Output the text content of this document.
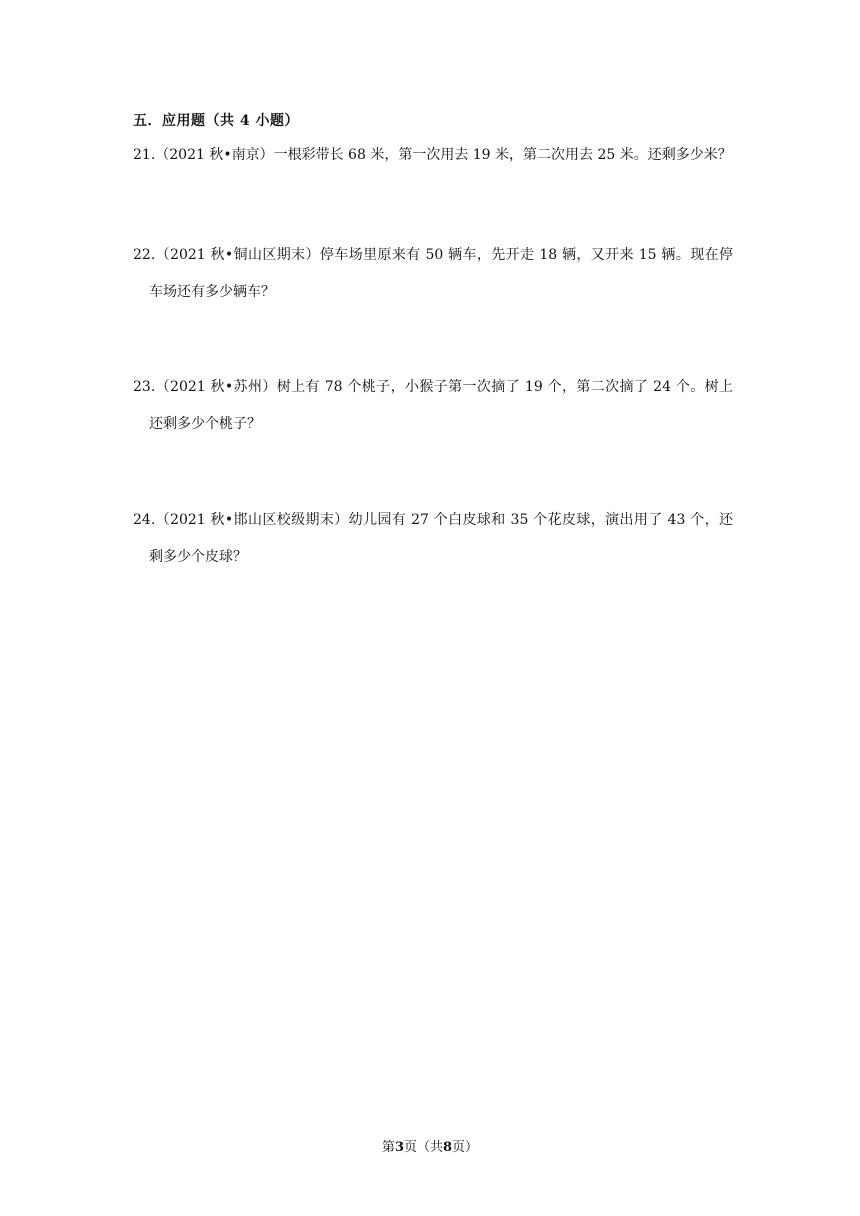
五．应用题（共 4 小题）
21.（2021 秋•南京）一根彩带长 68 米，第一次用去 19 米，第二次用去 25 米。还剩多少米？
22.（2021 秋•铜山区期末）停车场里原来有 50 辆车，先开走 18 辆，又开来 15 辆。现在停
车场还有多少辆车？
23.（2021 秋•苏州）树上有 78 个桃子，小猴子第一次摘了 19 个，第二次摘了 24 个。树上
还剩多少个桃子？
24.（2021 秋•邯山区校级期末）幼儿园有 27 个白皮球和 35 个花皮球，演出用了 43 个，还
剩多少个皮球？
第3页（共8页）
